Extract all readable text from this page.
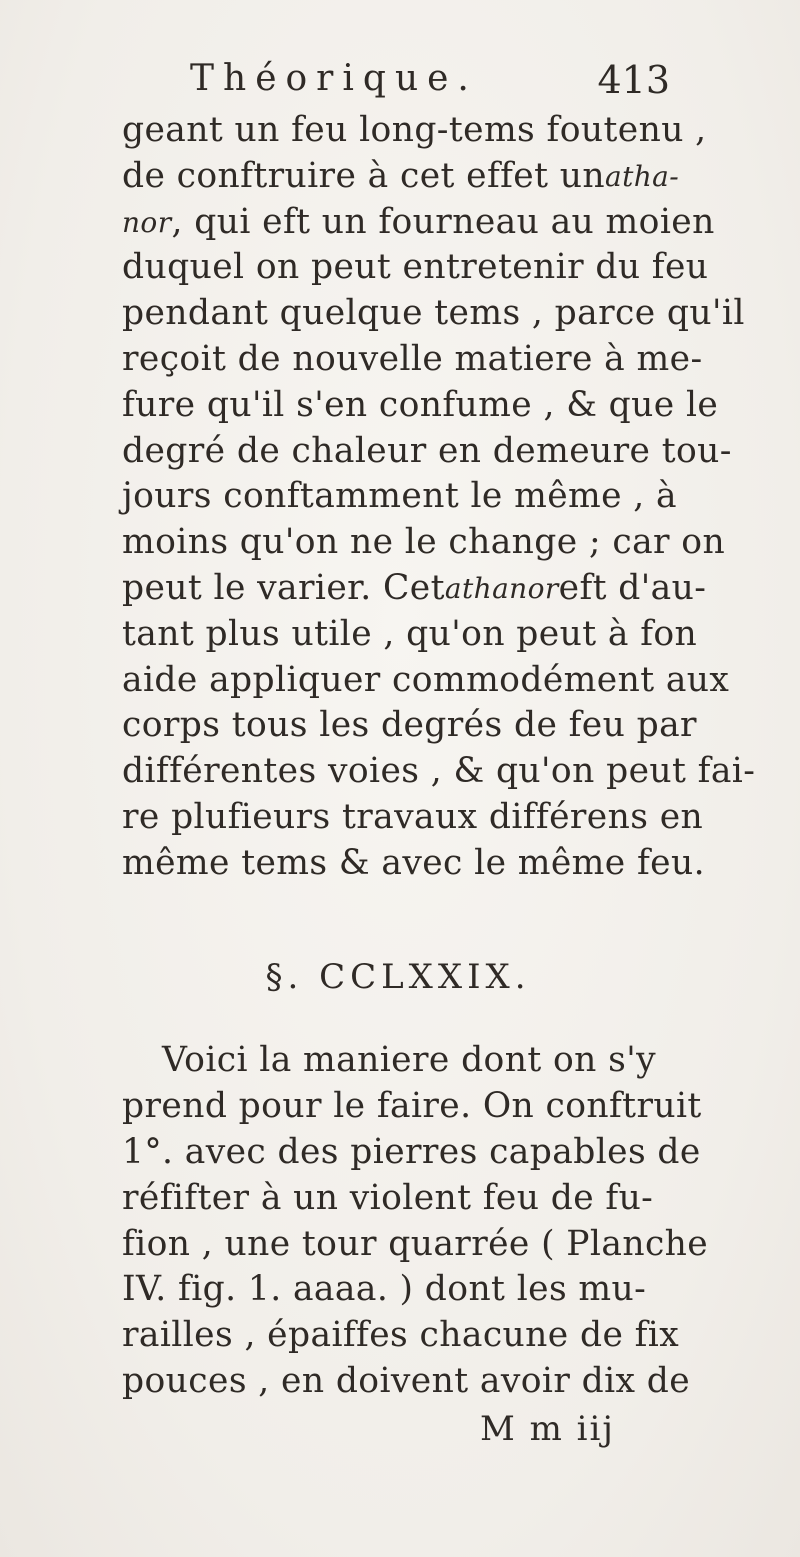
Théorique.	413
geant un feu long-tems foutenu ,
de conftruire à cet effet un atha-
nor , qui eft un fourneau au moien
duquel on peut entretenir du feu
pendant quelque tems , parce qu'il
reçoit de nouvelle matiere à me-
fure qu'il s'en confume , & que le
degré de chaleur en demeure tou-
jours conftamment le même , à
moins qu'on ne le change ; car on
peut le varier. Cet athanor eft d'au-
tant plus utile , qu'on peut à fon
aide appliquer commodément aux
corps tous les degrés de feu par
différentes voies , & qu'on peut fai-
re plufieurs travaux différens en
même tems & avec le même feu.
§. CCLXXIX.
Voici la maniere dont on s'y
prend pour le faire. On conftruit
1°. avec des pierres capables de
réfifter à un violent feu de fu-
fion , une tour quarrée ( Planche
IV. fig. 1. aaaa. ) dont les mu-
railles , épaiffes chacune de fix
pouces , en doivent avoir dix de
M m iij
